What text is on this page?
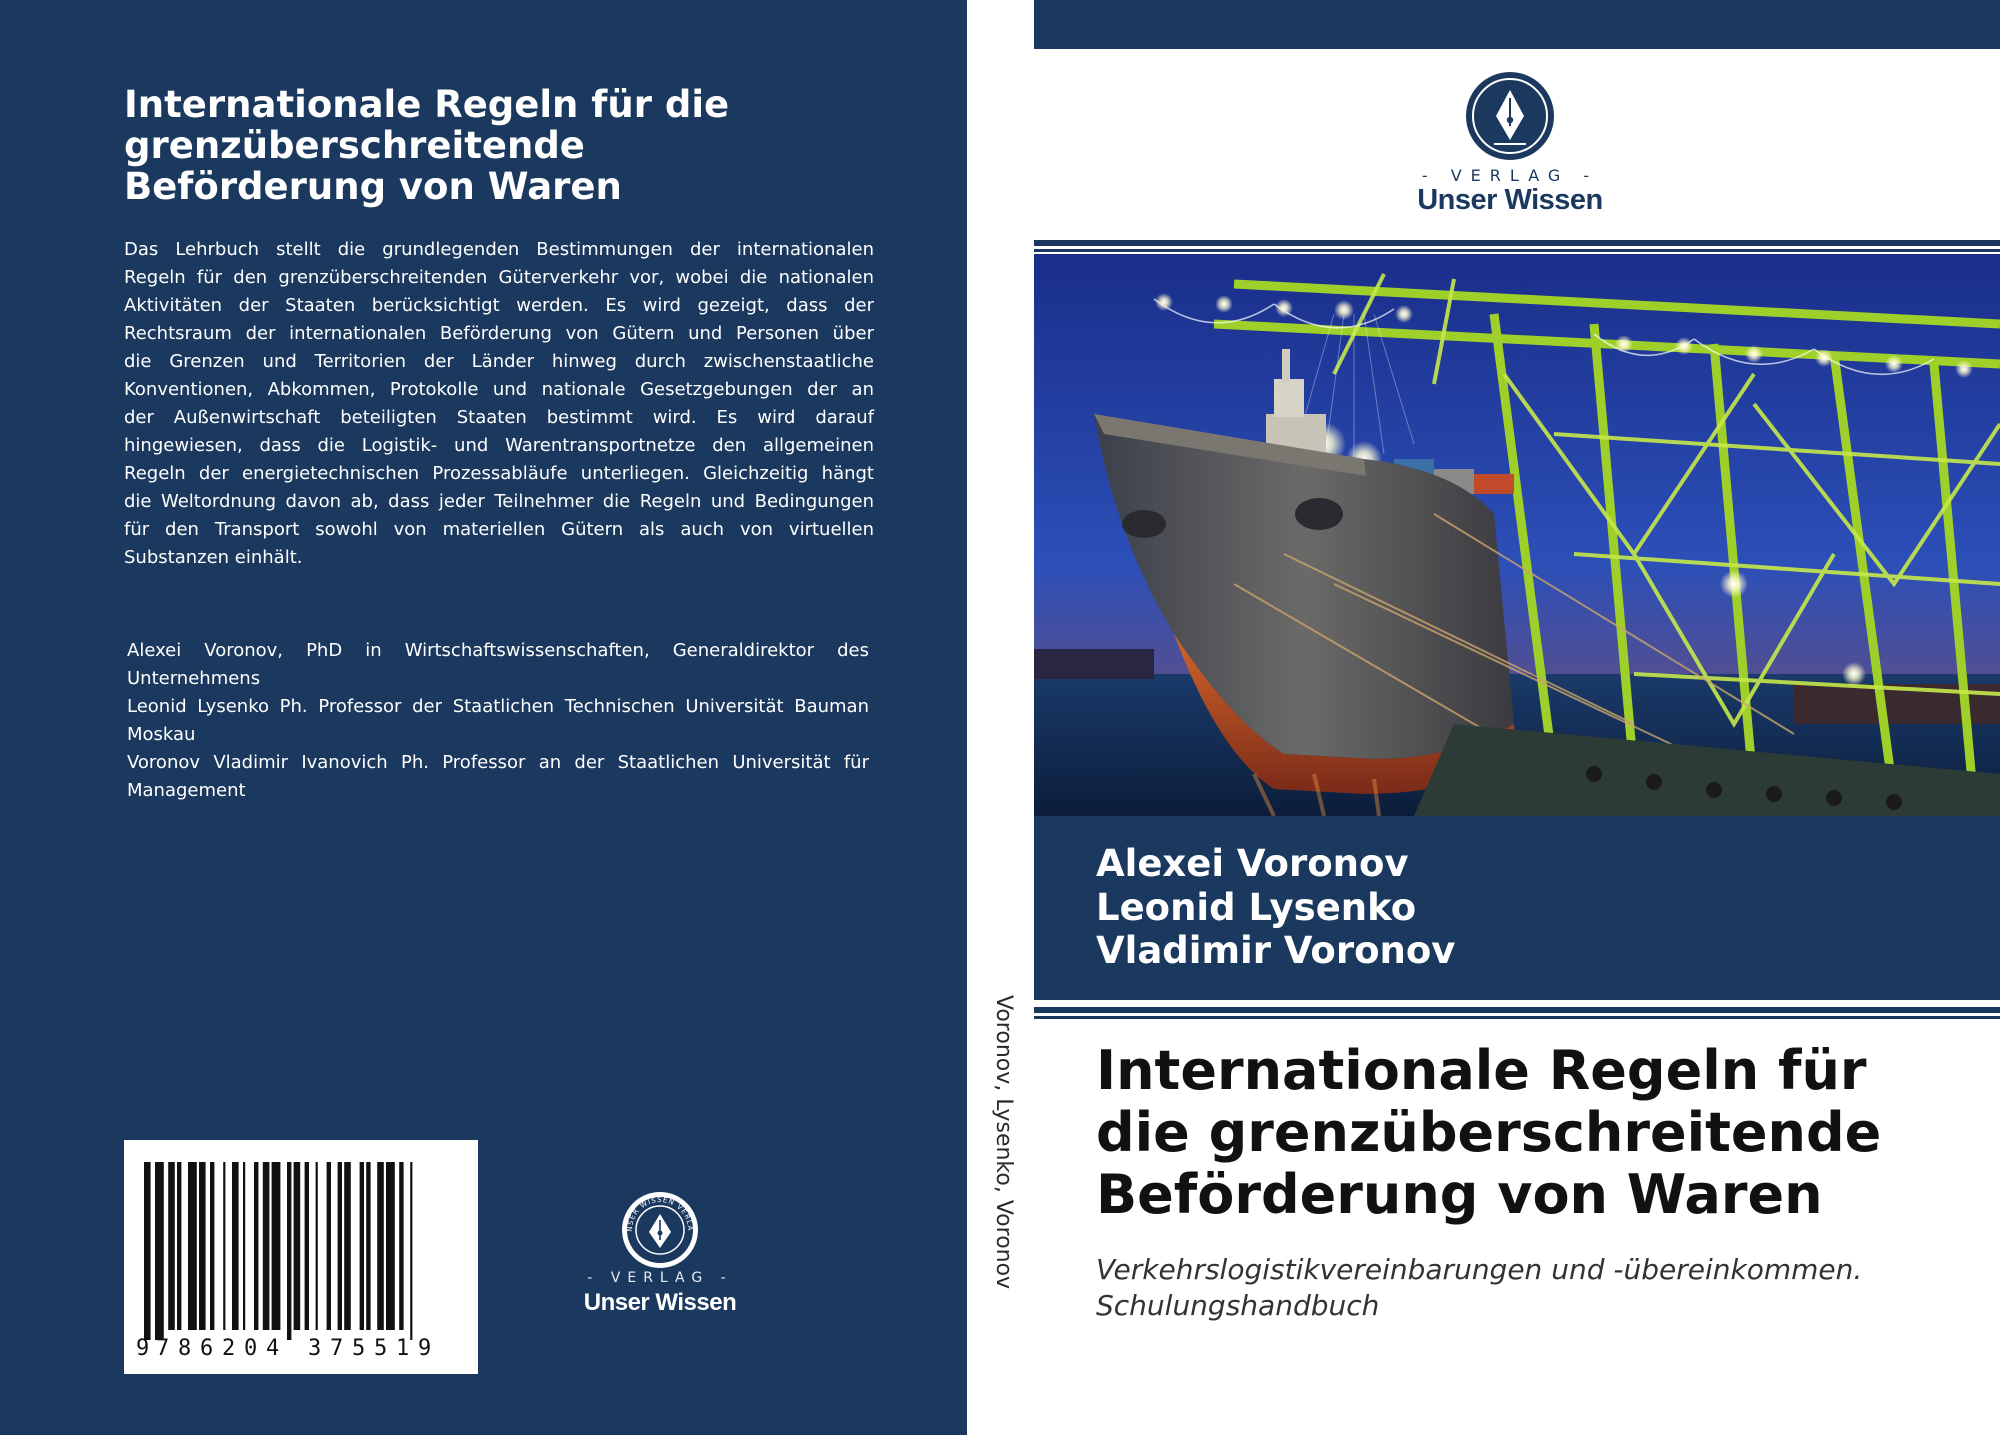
Internationale Regeln für die
grenzüberschreitende
Beförderung von Waren

Das Lehrbuch stellt die grundlegenden Bestimmungen der internationalen
Regeln für den grenzüberschreitenden Güterverkehr vor, wobei die nationalen
Aktivitäten der Staaten berücksichtigt werden. Es wird gezeigt, dass der
Rechtsraum der internationalen Beförderung von Gütern und Personen über
die Grenzen und Territorien der Länder hinweg durch zwischenstaatliche
Konventionen, Abkommen, Protokolle und nationale Gesetzgebungen der an
der Außenwirtschaft beteiligten Staaten bestimmt wird. Es wird darauf
hingewiesen, dass die Logistik- und Warentransportnetze den allgemeinen
Regeln der energietechnischen Prozessabläufe unterliegen. Gleichzeitig hängt
die Weltordnung davon ab, dass jeder Teilnehmer die Regeln und Bedingungen
für den Transport sowohl von materiellen Gütern als auch von virtuellen
Substanzen einhält.

Alexei Voronov, PhD in Wirtschaftswissenschaften, Generaldirektor des
Unternehmens
Leonid Lysenko Ph. Professor der Staatlichen Technischen Universität Bauman
Moskau
Voronov Vladimir Ivanovich Ph. Professor an der Staatlichen Universität für
Management

9 7 8 6 2 0 4 3 7 5 5 1 9
NSER WISSEN VERLA
- VERLAG -
Unser Wissen
Voronov, Lysenko, Voronov
- VERLAG -
Unser Wissen
Alexei Voronov
Leonid Lysenko
Vladimir Voronov
Internationale Regeln für
die grenzüberschreitende
Beförderung von Waren

Verkehrslogistikvereinbarungen und -übereinkommen.
Schulungshandbuch
